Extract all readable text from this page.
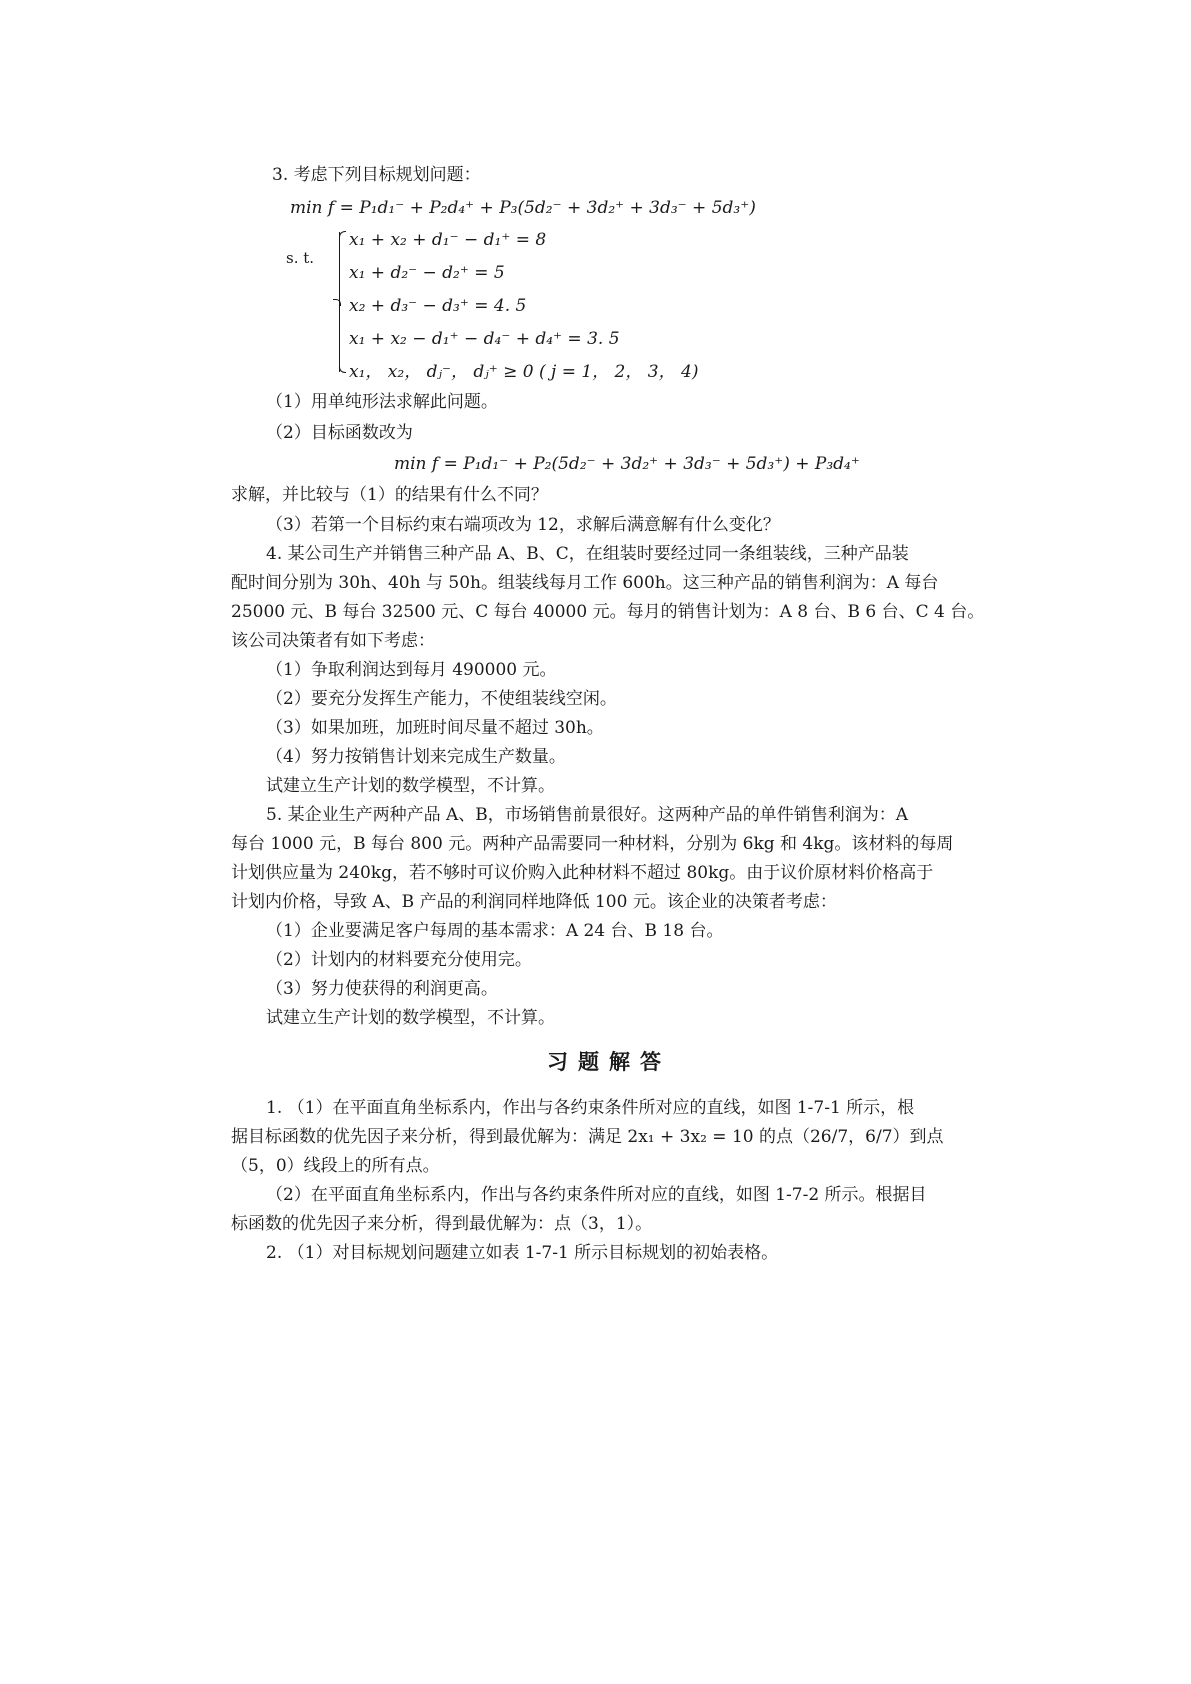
3. 考虑下列目标规划问题：
min f = P₁d₁⁻ + P₂d₄⁺ + P₃(5d₂⁻ + 3d₂⁺ + 3d₃⁻ + 5d₃⁺)
s. t.
x₁ + x₂ + d₁⁻ − d₁⁺ = 8
x₁ + d₂⁻ − d₂⁺ = 5
x₂ + d₃⁻ − d₃⁺ = 4. 5
x₁ + x₂ − d₁⁺ − d₄⁻ + d₄⁺ = 3. 5
x₁， x₂， dⱼ⁻， dⱼ⁺ ≥ 0 ( j = 1， 2， 3， 4)
（1）用单纯形法求解此问题。
（2）目标函数改为
min f = P₁d₁⁻ + P₂(5d₂⁻ + 3d₂⁺ + 3d₃⁻ + 5d₃⁺) + P₃d₄⁺
求解，并比较与（1）的结果有什么不同？
（3）若第一个目标约束右端项改为 12，求解后满意解有什么变化？
4. 某公司生产并销售三种产品 A、B、C，在组装时要经过同一条组装线，三种产品装
配时间分别为 30h、40h 与 50h。组装线每月工作 600h。这三种产品的销售利润为：A 每台
25000 元、B 每台 32500 元、C 每台 40000 元。每月的销售计划为：A 8 台、B 6 台、C 4 台。
该公司决策者有如下考虑：
（1）争取利润达到每月 490000 元。
（2）要充分发挥生产能力，不使组装线空闲。
（3）如果加班，加班时间尽量不超过 30h。
（4）努力按销售计划来完成生产数量。
试建立生产计划的数学模型，不计算。
5. 某企业生产两种产品 A、B，市场销售前景很好。这两种产品的单件销售利润为：A
每台 1000 元，B 每台 800 元。两种产品需要同一种材料，分别为 6kg 和 4kg。该材料的每周
计划供应量为 240kg，若不够时可议价购入此种材料不超过 80kg。由于议价原材料价格高于
计划内价格，导致 A、B 产品的利润同样地降低 100 元。该企业的决策者考虑：
（1）企业要满足客户每周的基本需求：A 24 台、B 18 台。
（2）计划内的材料要充分使用完。
（3）努力使获得的利润更高。
试建立生产计划的数学模型，不计算。
习题解答
1. （1）在平面直角坐标系内，作出与各约束条件所对应的直线，如图 1-7-1 所示，根
据目标函数的优先因子来分析，得到最优解为：满足 2x₁ + 3x₂ = 10 的点（26/7，6/7）到点
（5，0）线段上的所有点。
（2）在平面直角坐标系内，作出与各约束条件所对应的直线，如图 1-7-2 所示。根据目
标函数的优先因子来分析，得到最优解为：点（3，1）。
2. （1）对目标规划问题建立如表 1-7-1 所示目标规划的初始表格。
